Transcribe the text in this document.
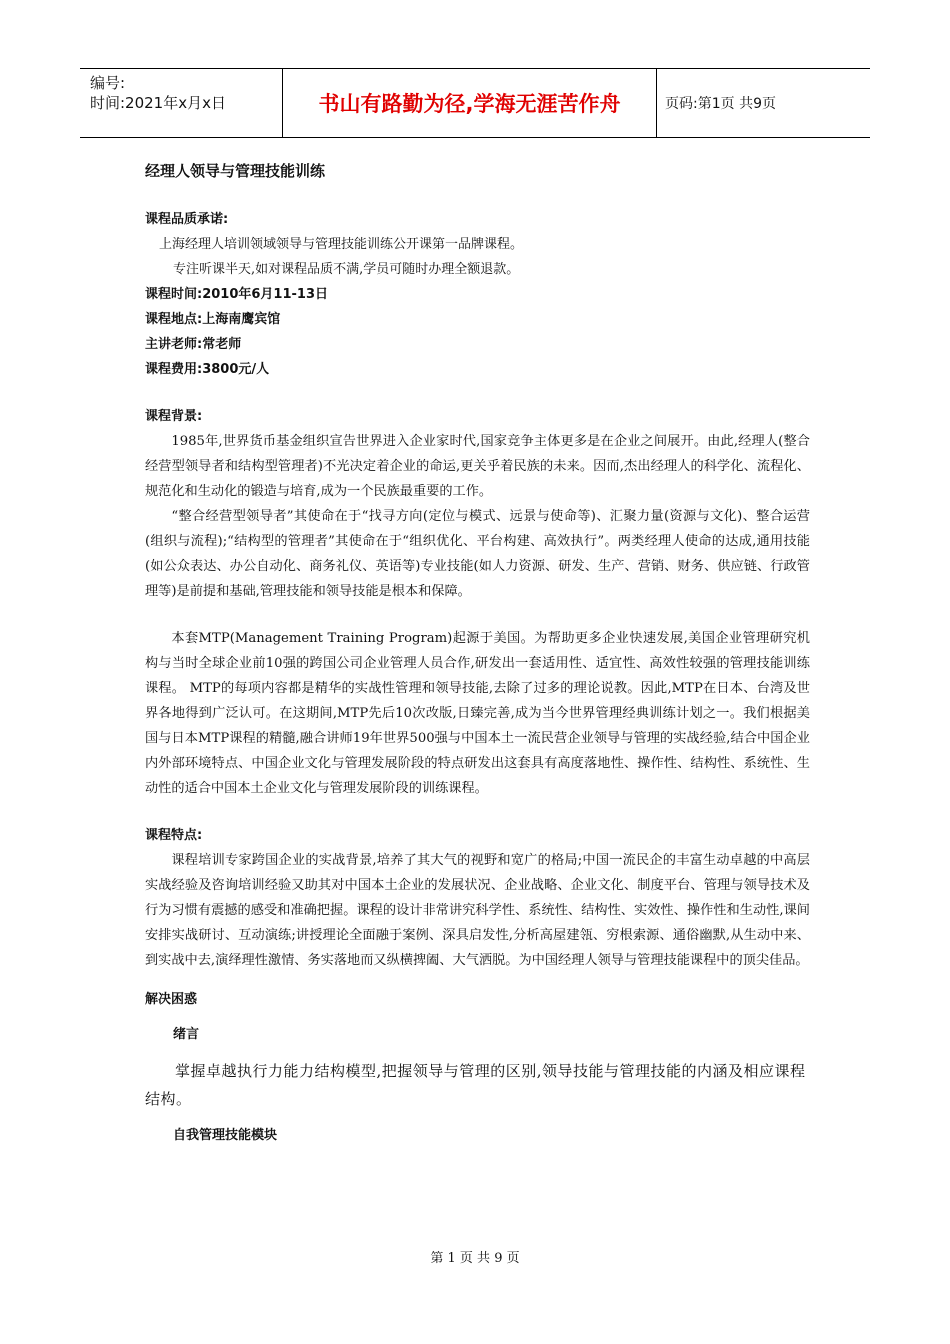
编号:
时间:2021年x月x日	书山有路勤为径,学海无涯苦作舟	页码:第1页 共9页

经理人领导与管理技能训练

课程品质承诺:

上海经理人培训领域领导与管理技能训练公开课第一品牌课程。

专注听课半天,如对课程品质不满,学员可随时办理全额退款。

课程时间:2010年6月11-13日

课程地点:上海南鹰宾馆

主讲老师:常老师

课程费用:3800元/人

课程背景:

1985年,世界货币基金组织宣告世界进入企业家时代,国家竞争主体更多是在企业之间展开。由此,经理人(整合经营型领导者和结构型管理者)不光决定着企业的命运,更关乎着民族的未来。因而,杰出经理人的科学化、流程化、规范化和生动化的锻造与培育,成为一个民族最重要的工作。

“整合经营型领导者”其使命在于“找寻方向(定位与模式、远景与使命等)、汇聚力量(资源与文化)、整合运营(组织与流程);“结构型的管理者”其使命在于“组织优化、平台构建、高效执行”。两类经理人使命的达成,通用技能(如公众表达、办公自动化、商务礼仪、英语等)专业技能(如人力资源、研发、生产、营销、财务、供应链、行政管理等)是前提和基础,管理技能和领导技能是根本和保障。

本套MTP(Management Training Program)起源于美国。为帮助更多企业快速发展,美国企业管理研究机构与当时全球企业前10强的跨国公司企业管理人员合作,研发出一套适用性、适宜性、高效性较强的管理技能训练课程。 MTP的每项内容都是精华的实战性管理和领导技能,去除了过多的理论说教。因此,MTP在日本、台湾及世界各地得到广泛认可。在这期间,MTP先后10次改版,日臻完善,成为当今世界管理经典训练计划之一。我们根据美国与日本MTP课程的精髓,融合讲师19年世界500强与中国本土一流民营企业领导与管理的实战经验,结合中国企业内外部环境特点、中国企业文化与管理发展阶段的特点研发出这套具有高度落地性、操作性、结构性、系统性、生动性的适合中国本土企业文化与管理发展阶段的训练课程。

课程特点:

课程培训专家跨国企业的实战背景,培养了其大气的视野和宽广的格局;中国一流民企的丰富生动卓越的中高层实战经验及咨询培训经验又助其对中国本土企业的发展状况、企业战略、企业文化、制度平台、管理与领导技术及行为习惯有震撼的感受和准确把握。课程的设计非常讲究科学性、系统性、结构性、实效性、操作性和生动性,课间安排实战研讨、互动演练;讲授理论全面融于案例、深具启发性,分析高屋建瓴、穷根索源、通俗幽默,从生动中来、到实战中去,演绎理性激情、务实落地而又纵横捭阖、大气洒脱。为中国经理人领导与管理技能课程中的顶尖佳品。

解决困惑

绪言

掌握卓越执行力能力结构模型,把握领导与管理的区别,领导技能与管理技能的内涵及相应课程结构。

自我管理技能模块

第 1 页 共 9 页
